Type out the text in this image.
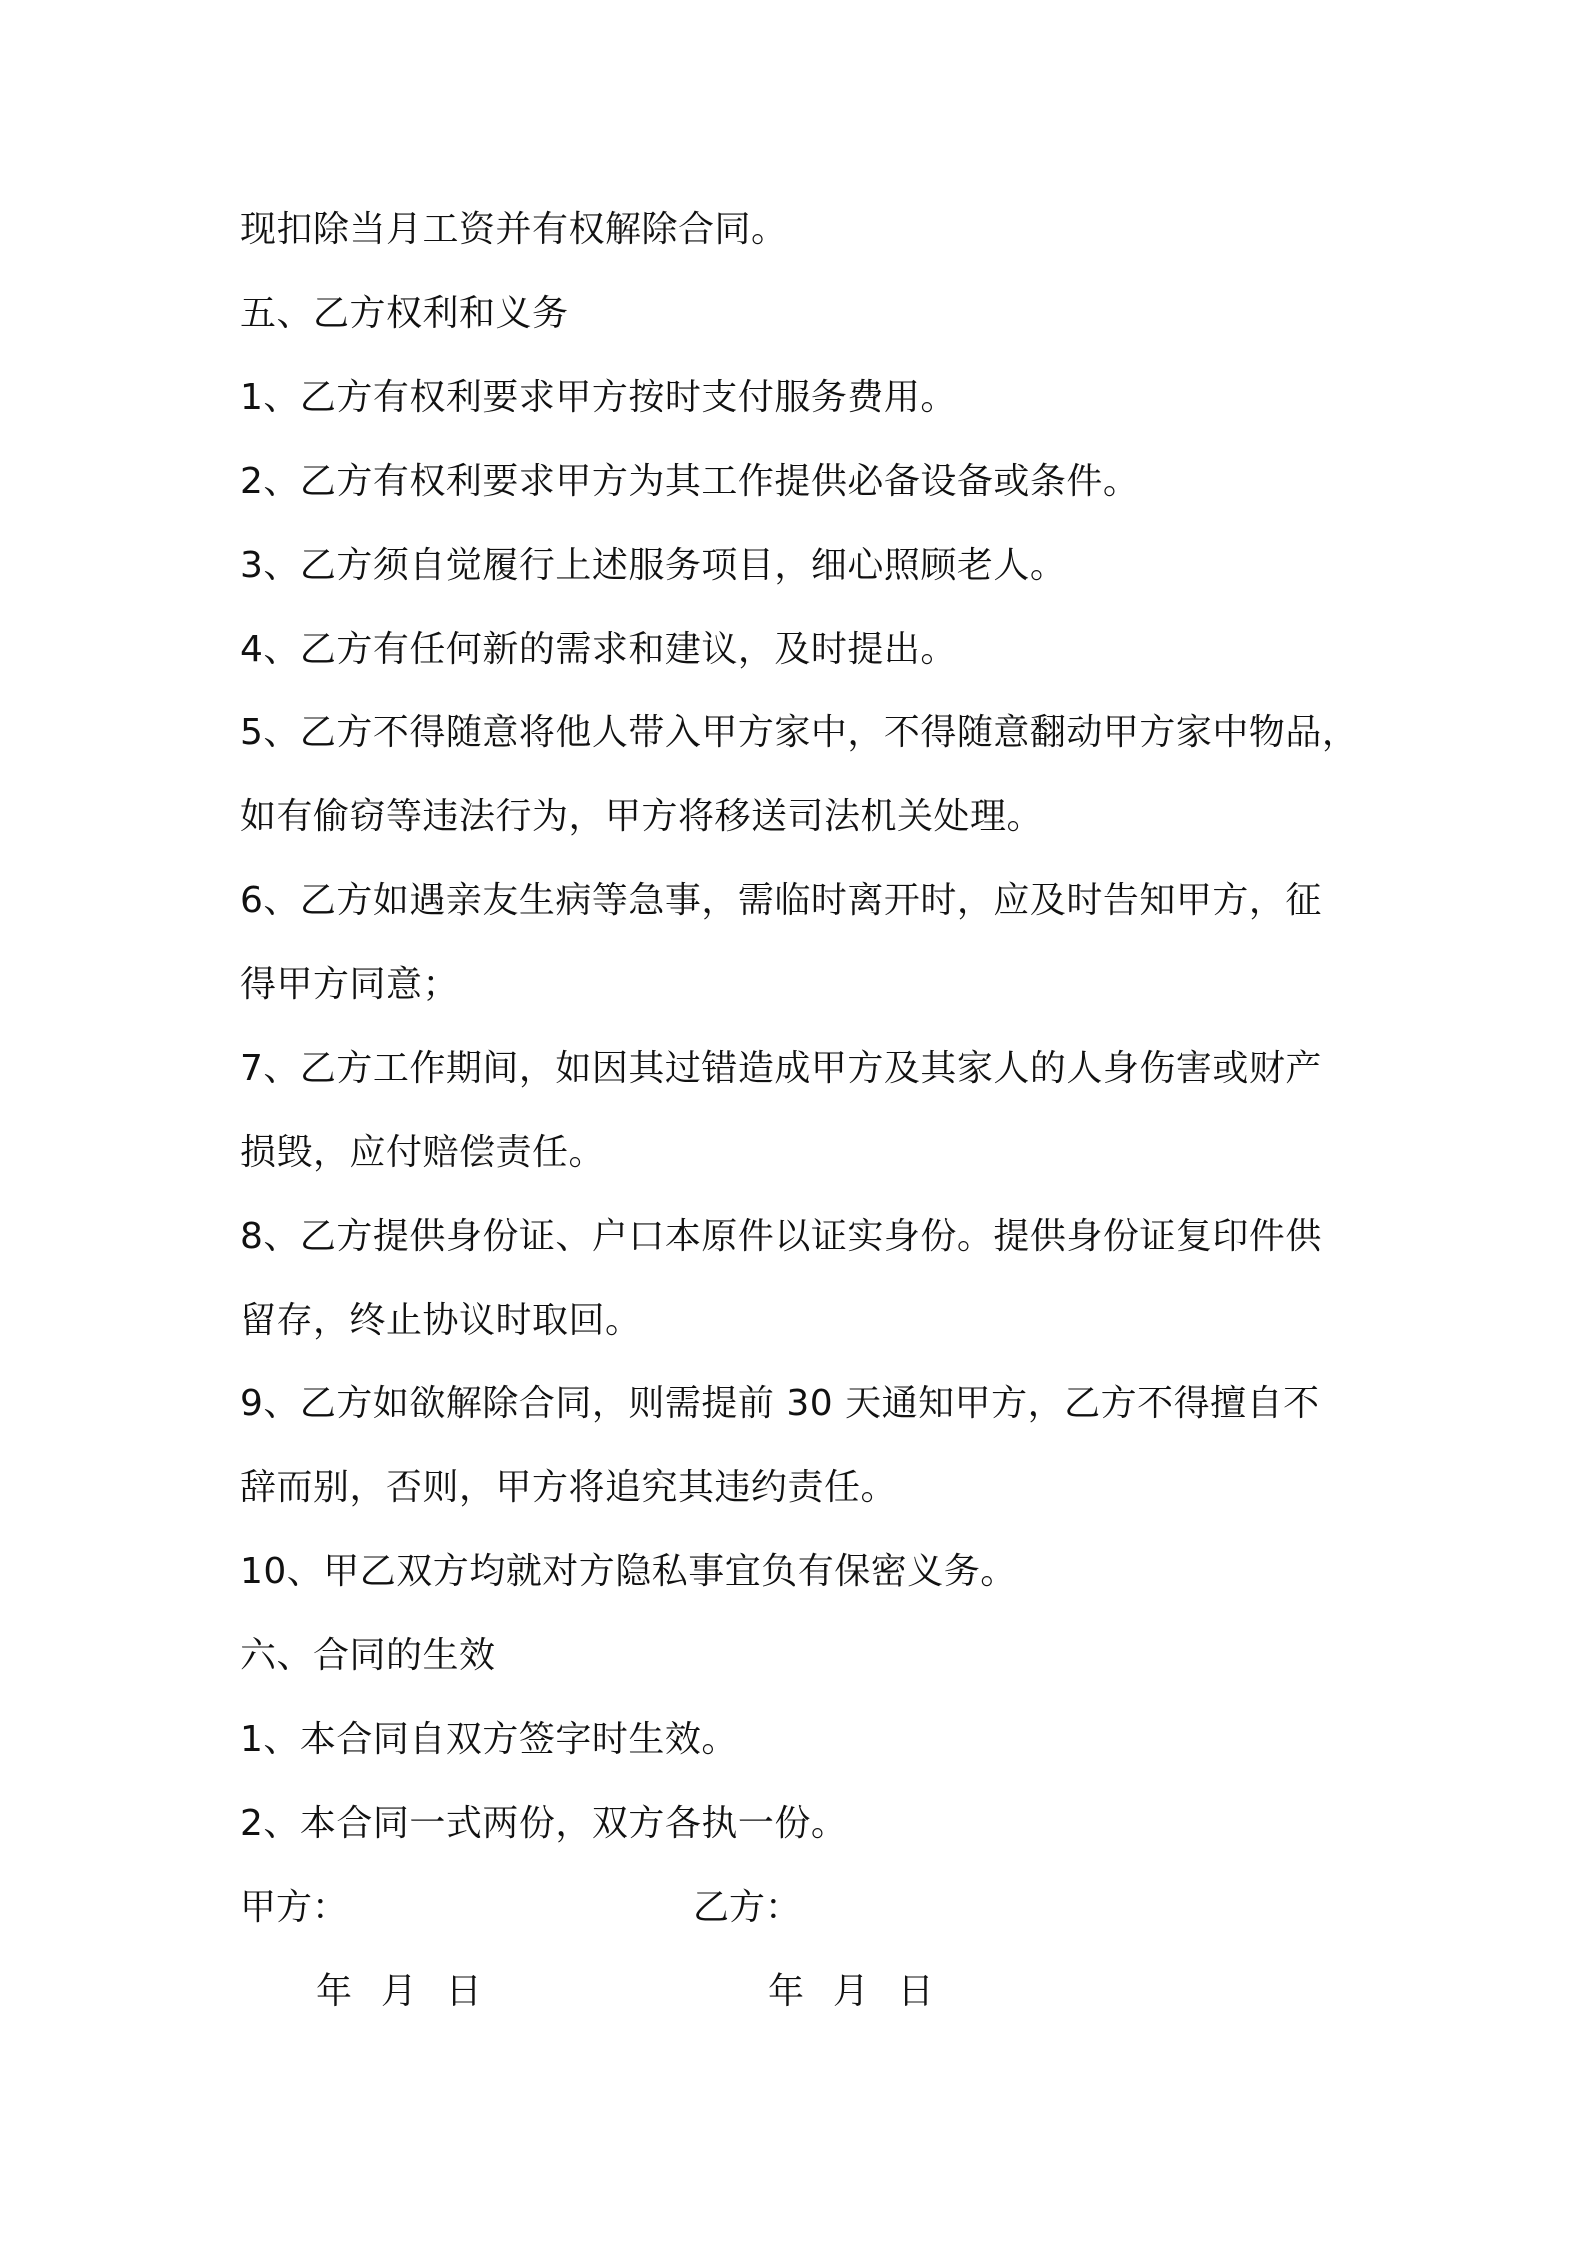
现扣除当月工资并有权解除合同。
五、乙方权利和义务
1、乙方有权利要求甲方按时支付服务费用。
2、乙方有权利要求甲方为其工作提供必备设备或条件。
3、乙方须自觉履行上述服务项目，细心照顾老人。
4、乙方有任何新的需求和建议，及时提出。
5、乙方不得随意将他人带入甲方家中，不得随意翻动甲方家中物品，
如有偷窃等违法行为，甲方将移送司法机关处理。
6、乙方如遇亲友生病等急事，需临时离开时，应及时告知甲方，征
得甲方同意；
7、乙方工作期间，如因其过错造成甲方及其家人的人身伤害或财产
损毁，应付赔偿责任。
8、乙方提供身份证、户口本原件以证实身份。提供身份证复印件供
留存，终止协议时取回。
9、乙方如欲解除合同，则需提前 30 天通知甲方，乙方不得擅自不
辞而别，否则，甲方将追究其违约责任。
10、甲乙双方均就对方隐私事宜负有保密义务。
六、合同的生效
1、本合同自双方签字时生效。
2、本合同一式两份，双方各执一份。
甲方：	乙方：
年  月  日	年  月  日
